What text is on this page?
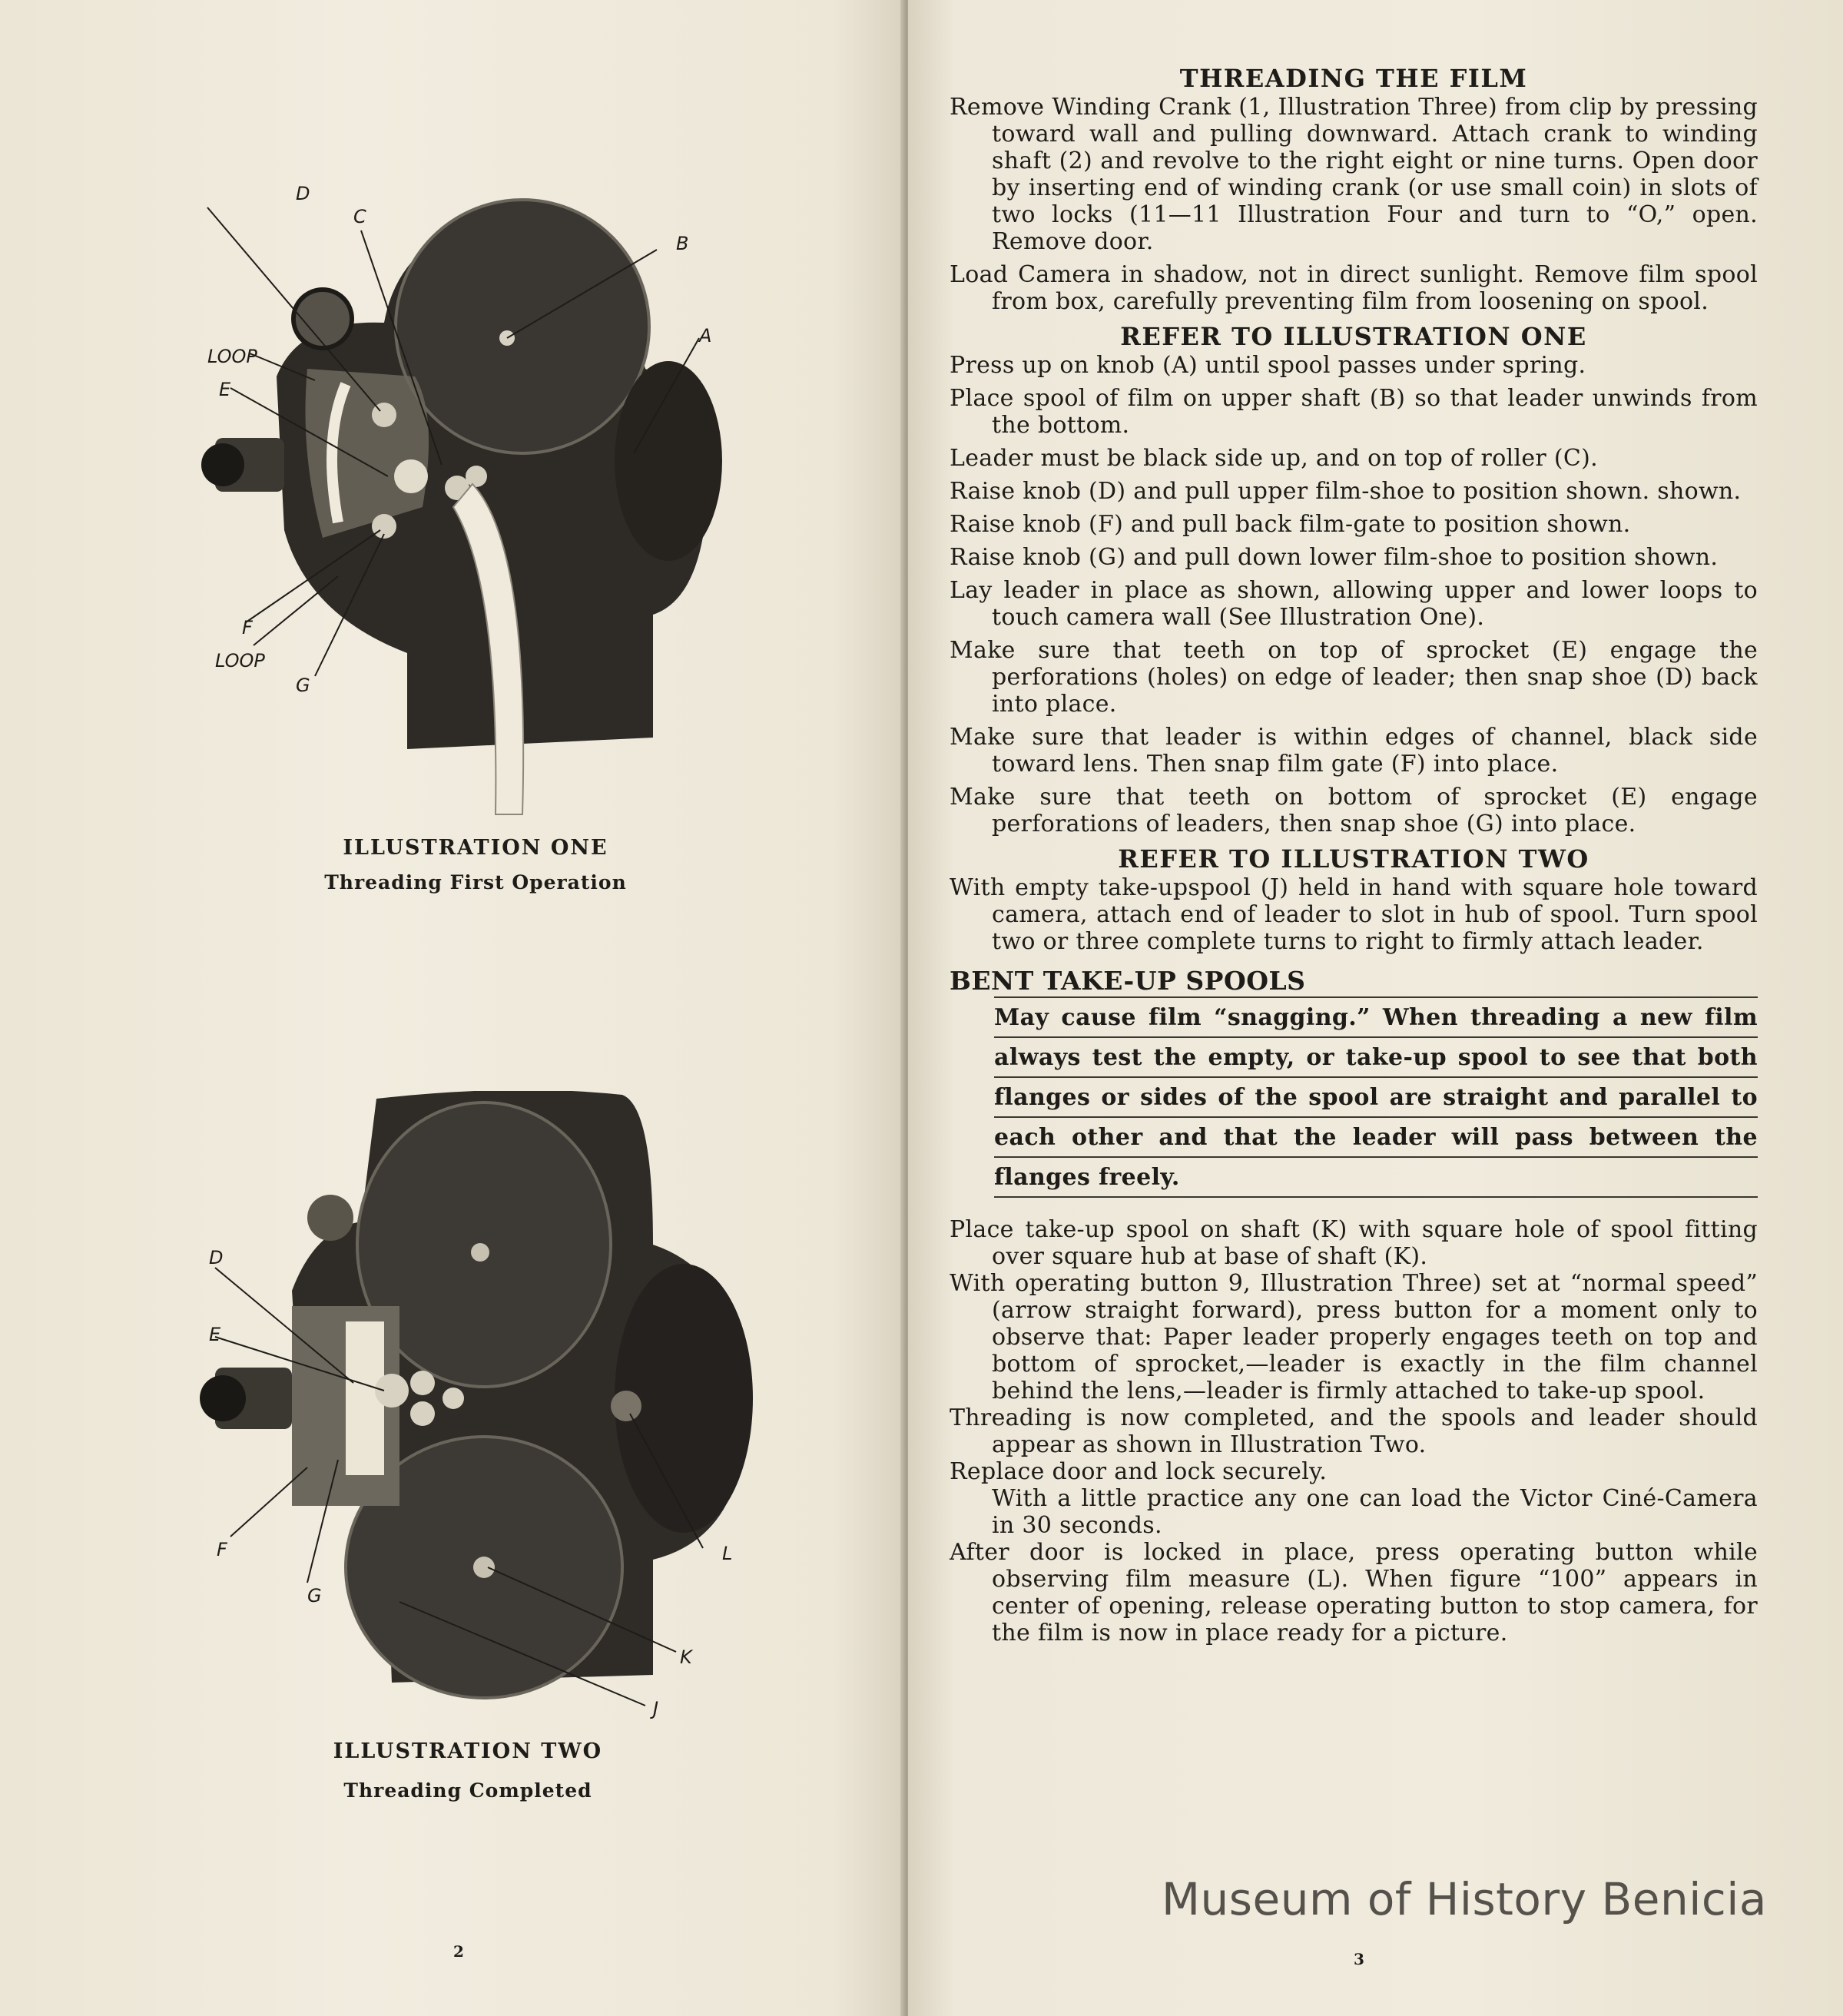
D
C
B
A
LOOP
E
F
LOOP
G
ILLUSTRATION ONE
Threading First Operation
D
E
F
G
L
K
J
ILLUSTRATION TWO
Threading Completed
2

THREADING THE FILM

Remove Winding Crank (1, Illustration Three) from clip by pressing toward wall and pulling downward. Attach crank to winding shaft (2) and revolve to the right eight or nine turns. Open door by inserting end of winding crank (or use small coin) in slots of two locks (11—11 Illustration Four and turn to “O,” open. Remove door.

Load Camera in shadow, not in direct sunlight. Remove film spool from box, carefully preventing film from loosening on spool.

REFER TO ILLUSTRATION ONE

Press up on knob (A) until spool passes under spring.

Place spool of film on upper shaft (B) so that leader unwinds from the bottom.

Leader must be black side up, and on top of roller (C).

Raise knob (D) and pull upper film-shoe to position shown. shown.

Raise knob (F) and pull back film-gate to position shown.

Raise knob (G) and pull down lower film-shoe to position shown.

Lay leader in place as shown, allowing upper and lower loops to touch camera wall (See Illustration One).

Make sure that teeth on top of sprocket (E) engage the perforations (holes) on edge of leader; then snap shoe (D) back into place.

Make sure that leader is within edges of channel, black side toward lens. Then snap film gate (F) into place.

Make sure that teeth on bottom of sprocket (E) engage perforations of leaders, then snap shoe (G) into place.

REFER TO ILLUSTRATION TWO

With empty take-upspool (J) held in hand with square hole toward camera, attach end of leader to slot in hub of spool. Turn spool two or three complete turns to right to firmly attach leader.

BENT TAKE-UP SPOOLS

May cause film “snagging.” When threading a new film always test the empty, or take-up spool to see that both flanges or sides of the spool are straight and parallel to each other and that the leader will pass between the flanges freely.

Place take-up spool on shaft (K) with square hole of spool fitting over square hub at base of shaft (K).

With operating button 9, Illustration Three) set at “normal speed” (arrow straight forward), press button for a moment only to observe that: Paper leader properly engages teeth on top and bottom of sprocket,—leader is exactly in the film channel behind the lens,—leader is firmly attached to take-up spool.

Threading is now completed, and the spools and leader should appear as shown in Illustration Two.

Replace door and lock securely.

With a little practice any one can load the Victor Ciné-Camera in 30 seconds.

After door is locked in place, press operating button while observing film measure (L). When figure “100” appears in center of opening, release operating button to stop camera, for the film is now in place ready for a picture.

3
Museum of History Benicia
